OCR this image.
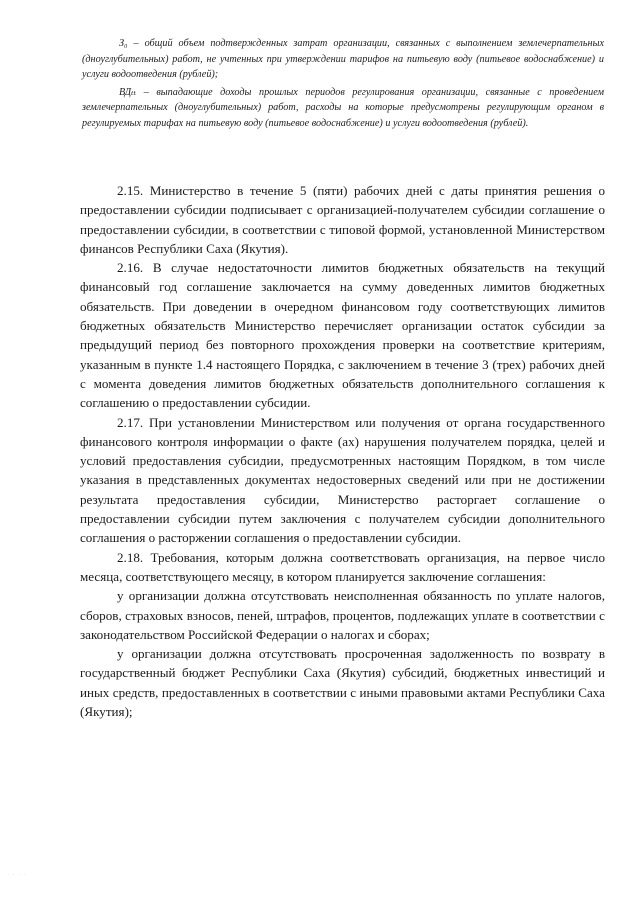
З₀ – общий объем подтвержденных затрат организации, связанных с выполнением землечерпательных (дноуглубительных) работ, не учтенных при утверждении тарифов на питьевую воду (питьевое водоснабжение) и услуги водоотведения (рублей);

ВДₜₜ – выпадающие доходы прошлых периодов регулирования организации, связанные с проведением землечерпательных (дноуглубительных) работ, расходы на которые предусмотрены регулирующим органом в регулируемых тарифах на питьевую воду (питьевое водоснабжение) и услуги водоотведения (рублей).

2.15. Министерство в течение 5 (пяти) рабочих дней с даты принятия решения о предоставлении субсидии подписывает с организацией-получателем субсидии соглашение о предоставлении субсидии, в соответствии с типовой формой, установленной Министерством финансов Республики Саха (Якутия).

2.16. В случае недостаточности лимитов бюджетных обязательств на текущий финансовый год соглашение заключается на сумму доведенных лимитов бюджетных обязательств. При доведении в очередном финансовом году соответствующих лимитов бюджетных обязательств Министерство перечисляет организации остаток субсидии за предыдущий период без повторного прохождения проверки на соответствие критериям, указанным в пункте 1.4 настоящего Порядка, с заключением в течение 3 (трех) рабочих дней с момента доведения лимитов бюджетных обязательств дополнительного соглашения к соглашению о предоставлении субсидии.

2.17. При установлении Министерством или получения от органа государственного финансового контроля информации о факте (ах) нарушения получателем порядка, целей и условий предоставления субсидии, предусмотренных настоящим Порядком, в том числе указания в представленных документах недостоверных сведений или при не достижении результата предоставления субсидии, Министерство расторгает соглашение о предоставлении субсидии путем заключения с получателем субсидии дополнительного соглашения о расторжении соглашения о предоставлении субсидии.

2.18. Требования, которым должна соответствовать организация, на первое число месяца, соответствующего месяцу, в котором планируется заключение соглашения:

у организации должна отсутствовать неисполненная обязанность по уплате налогов, сборов, страховых взносов, пеней, штрафов, процентов, подлежащих уплате в соответствии с законодательством Российской Федерации о налогах и сборах;

у организации должна отсутствовать просроченная задолженность по возврату в государственный бюджет Республики Саха (Якутия) субсидий, бюджетных инвестиций и иных средств, предоставленных в соответствии с иными правовыми актами Республики Саха (Якутия);

· · · ·
